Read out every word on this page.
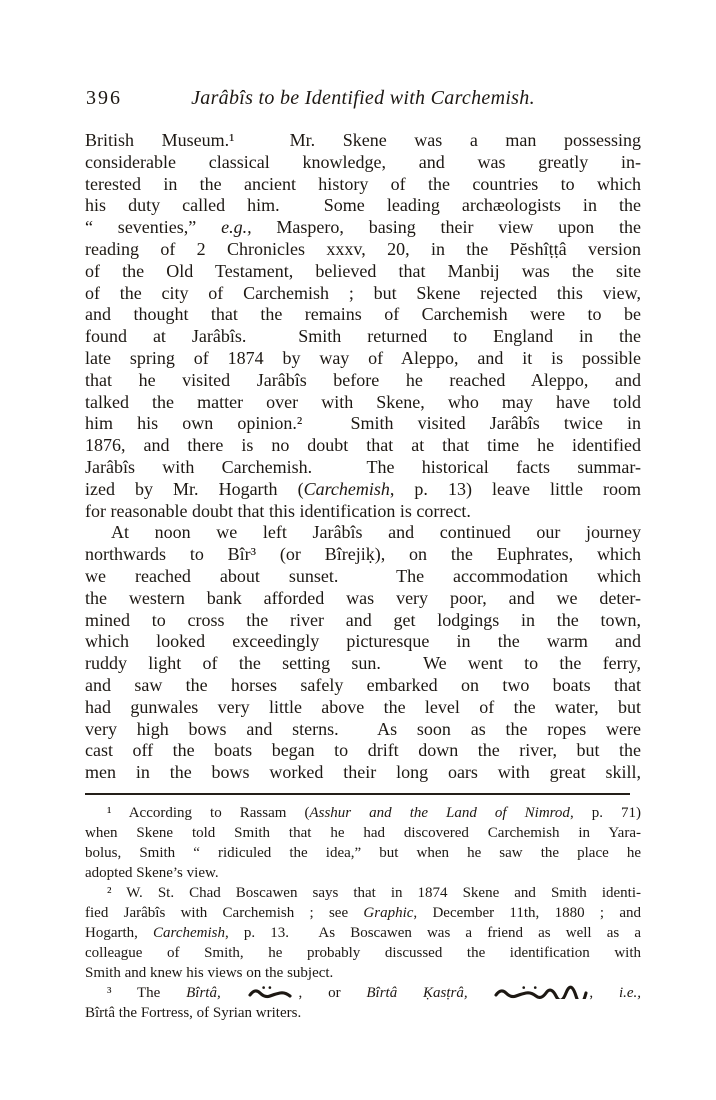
396	Jarâbîs to be Identified with Carchemish.
British Museum.¹  Mr. Skene was a man possessing
considerable classical knowledge, and was greatly in-
terested in the ancient history of the countries to which
his duty called him.  Some leading archæologists in the
“ seventies,” e.g., Maspero, basing their view upon the
reading of 2 Chronicles xxxv, 20, in the Pĕshîṭṭâ version
of the Old Testament, believed that Manbij was the site
of the city of Carchemish ; but Skene rejected this view,
and thought that the remains of Carchemish were to be
found at Jarâbîs.  Smith returned to England in the
late spring of 1874 by way of Aleppo, and it is possible
that he visited Jarâbîs before he reached Aleppo, and
talked the matter over with Skene, who may have told
him his own opinion.²  Smith visited Jarâbîs twice in
1876, and there is no doubt that at that time he identified
Jarâbîs with Carchemish.  The historical facts summar-
ized by Mr. Hogarth (Carchemish, p. 13) leave little room
for reasonable doubt that this identification is correct.
At noon we left Jarâbîs and continued our journey
northwards to Bîr³ (or Bîrejiḳ), on the Euphrates, which
we reached about sunset.  The accommodation which
the western bank afforded was very poor, and we deter-
mined to cross the river and get lodgings in the town,
which looked exceedingly picturesque in the warm and
ruddy light of the setting sun.  We went to the ferry,
and saw the horses safely embarked on two boats that
had gunwales very little above the level of the water, but
very high bows and sterns.  As soon as the ropes were
cast off the boats began to drift down the river, but the
men in the bows worked their long oars with great skill,
¹ According to Rassam (Asshur and the Land of Nimrod, p. 71)
when Skene told Smith that he had discovered Carchemish in Yara-
bolus, Smith “ ridiculed the idea,” but when he saw the place he
adopted Skene’s view.
² W. St. Chad Boscawen says that in 1874 Skene and Smith identi-
fied Jarâbîs with Carchemish ; see Graphic, December 11th, 1880 ; and
Hogarth, Carchemish, p. 13.  As Boscawen was a friend as well as a
colleague of Smith, he probably discussed the identification with
Smith and knew his views on the subject.
³ The Bîrtâ,	, or Bîrtâ Ḳasṭrâ,	, i.e.,
Bîrtâ the Fortress, of Syrian writers.
